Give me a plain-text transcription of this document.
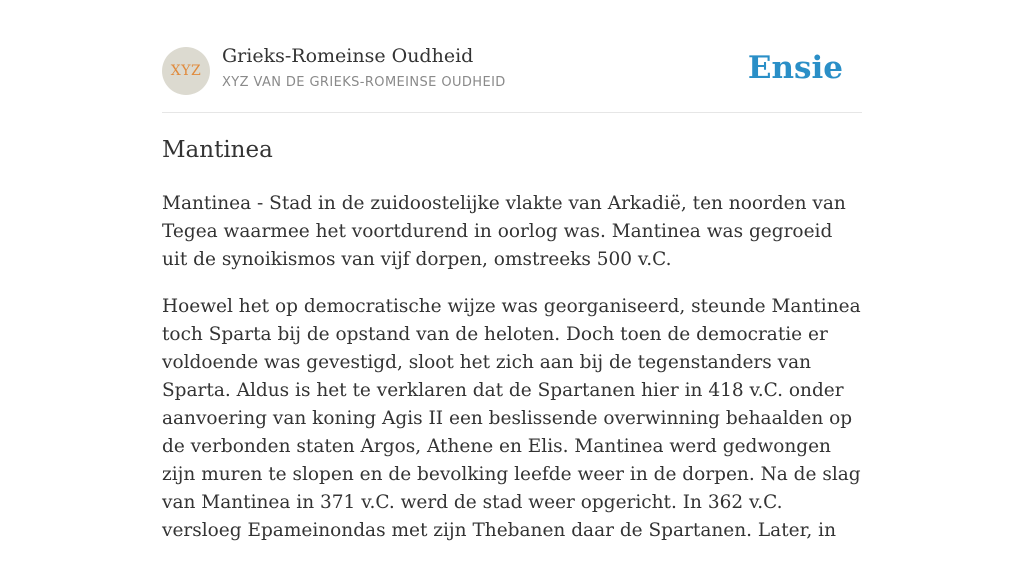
XYZ
Grieks-Romeinse Oudheid
XYZ VAN DE GRIEKS-ROMEINSE OUDHEID	Ensie
Mantinea

Mantinea - Stad in de zuidoostelijke vlakte van Arkadië, ten noorden van Tegea waarmee het voortdurend in oorlog was. Mantinea was gegroeid uit de synoikismos van vijf dorpen, omstreeks 500 v.C.

Hoewel het op democratische wijze was georganiseerd, steunde Mantinea toch Sparta bij de opstand van de heloten. Doch toen de democratie er voldoende was gevestigd, sloot het zich aan bij de tegenstanders van Sparta. Aldus is het te verklaren dat de Spartanen hier in 418 v.C. onder aanvoering van koning Agis II een beslissende overwinning behaalden op de verbonden staten Argos, Athene en Elis. Mantinea werd gedwongen zijn muren te slopen en de bevolking leefde weer in de dorpen. Na de slag van Mantinea in 371 v.C. werd de stad weer opgericht. In 362 v.C. versloeg Epameinondas met zijn Thebanen daar de Spartanen. Later, in
